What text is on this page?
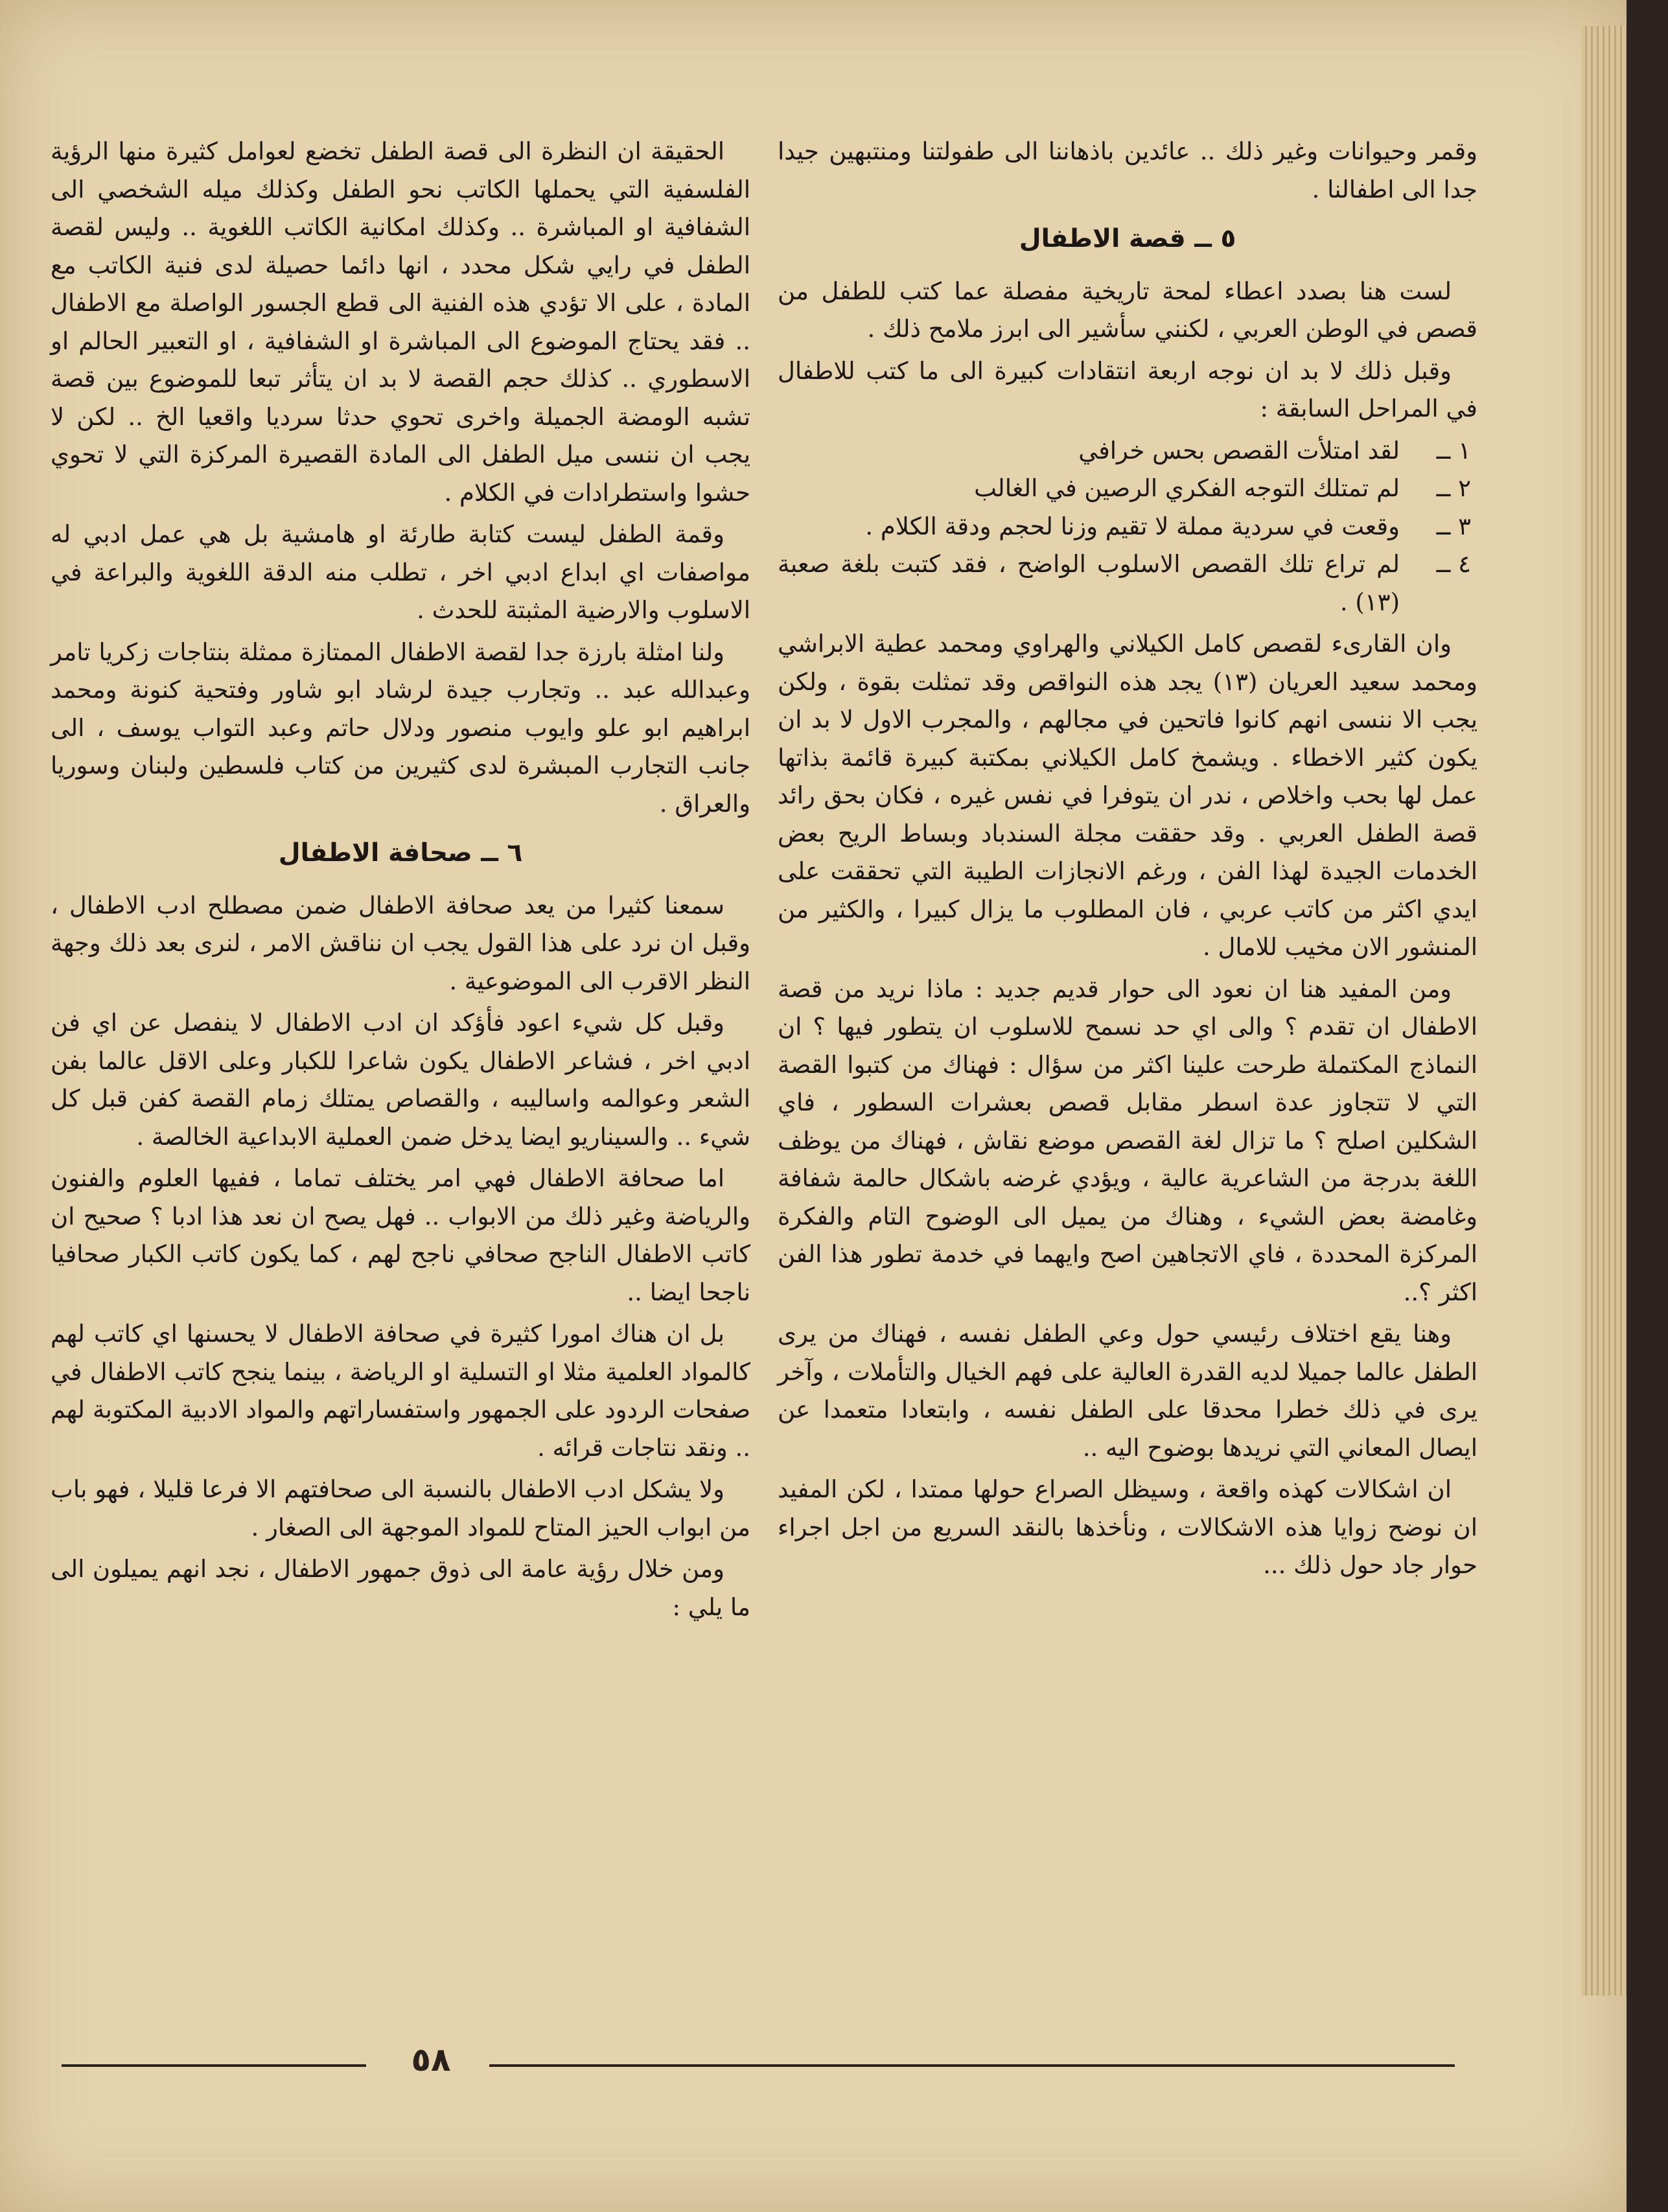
وقمر وحيوانات وغير ذلك .. عائدين باذهاننا الى طفولتنا ومنتبهين جيدا جدا الى اطفالنا .

٥ ــ قصة الاطفال

لست هنا بصدد اعطاء لمحة تاريخية مفصلة عما كتب للطفل من قصص في الوطن العربي ، لكنني سأشير الى ابرز ملامح ذلك .

وقبل ذلك لا بد ان نوجه اربعة انتقادات كبيرة الى ما كتب للاطفال في المراحل السابقة :

١ ــ
لقد امتلأت القصص بحس خرافي
٢ ــ
لم تمتلك التوجه الفكري الرصين في الغالب
٣ ــ
وقعت في سردية مملة لا تقيم وزنا لحجم ودقة الكلام .
٤ ــ
لم تراع تلك القصص الاسلوب الواضح ، فقد كتبت بلغة صعبة (١٣) .

وان القارىء لقصص كامل الكيلاني والهراوي ومحمد عطية الابراشي ومحمد سعيد العريان (١٣) يجد هذه النواقص وقد تمثلت بقوة ، ولكن يجب الا ننسى انهم كانوا فاتحين في مجالهم ، والمجرب الاول لا بد ان يكون كثير الاخطاء . ويشمخ كامل الكيلاني بمكتبة كبيرة قائمة بذاتها عمل لها بحب واخلاص ، ندر ان يتوفرا في نفس غيره ، فكان بحق رائد قصة الطفل العربي . وقد حققت مجلة السندباد وبساط الريح بعض الخدمات الجيدة لهذا الفن ، ورغم الانجازات الطيبة التي تحققت على ايدي اكثر من كاتب عربي ، فان المطلوب ما يزال كبيرا ، والكثير من المنشور الان مخيب للامال .

ومن المفيد هنا ان نعود الى حوار قديم جديد : ماذا نريد من قصة الاطفال ان تقدم ؟ والى اي حد نسمح للاسلوب ان يتطور فيها ؟ ان النماذج المكتملة طرحت علينا اكثر من سؤال : فهناك من كتبوا القصة التي لا تتجاوز عدة اسطر مقابل قصص بعشرات السطور ، فاي الشكلين اصلح ؟ ما تزال لغة القصص موضع نقاش ، فهناك من يوظف اللغة بدرجة من الشاعرية عالية ، ويؤدي غرضه باشكال حالمة شفافة وغامضة بعض الشيء ، وهناك من يميل الى الوضوح التام والفكرة المركزة المحددة ، فاي الاتجاهين اصح وايهما في خدمة تطور هذا الفن اكثر ؟..

وهنا يقع اختلاف رئيسي حول وعي الطفل نفسه ، فهناك من يرى الطفل عالما جميلا لديه القدرة العالية على فهم الخيال والتأملات ، وآخر يرى في ذلك خطرا محدقا على الطفل نفسه ، وابتعادا متعمدا عن ايصال المعاني التي نريدها بوضوح اليه ..

ان اشكالات كهذه واقعة ، وسيظل الصراع حولها ممتدا ، لكن المفيد ان نوضح زوايا هذه الاشكالات ، ونأخذها بالنقد السريع من اجل اجراء حوار جاد حول ذلك ...

الحقيقة ان النظرة الى قصة الطفل تخضع لعوامل كثيرة منها الرؤية الفلسفية التي يحملها الكاتب نحو الطفل وكذلك ميله الشخصي الى الشفافية او المباشرة .. وكذلك امكانية الكاتب اللغوية .. وليس لقصة الطفل في رايي شكل محدد ، انها دائما حصيلة لدى فنية الكاتب مع المادة ، على الا تؤدي هذه الفنية الى قطع الجسور الواصلة مع الاطفال .. فقد يحتاج الموضوع الى المباشرة او الشفافية ، او التعبير الحالم او الاسطوري .. كذلك حجم القصة لا بد ان يتأثر تبعا للموضوع بين قصة تشبه الومضة الجميلة واخرى تحوي حدثا سرديا واقعيا الخ .. لكن لا يجب ان ننسى ميل الطفل الى المادة القصيرة المركزة التي لا تحوي حشوا واستطرادات في الكلام .

وقمة الطفل ليست كتابة طارئة او هامشية بل هي عمل ادبي له مواصفات اي ابداع ادبي اخر ، تطلب منه الدقة اللغوية والبراعة في الاسلوب والارضية المثبتة للحدث .

ولنا امثلة بارزة جدا لقصة الاطفال الممتازة ممثلة بنتاجات زكريا تامر وعبدالله عبد .. وتجارب جيدة لرشاد ابو شاور وفتحية كنونة ومحمد ابراهيم ابو علو وايوب منصور ودلال حاتم وعبد التواب يوسف ، الى جانب التجارب المبشرة لدى كثيرين من كتاب فلسطين ولبنان وسوريا والعراق .

٦ ــ صحافة الاطفال

سمعنا كثيرا من يعد صحافة الاطفال ضمن مصطلح ادب الاطفال ، وقبل ان نرد على هذا القول يجب ان نناقش الامر ، لنرى بعد ذلك وجهة النظر الاقرب الى الموضوعية .

وقبل كل شيء اعود فأؤكد ان ادب الاطفال لا ينفصل عن اي فن ادبي اخر ، فشاعر الاطفال يكون شاعرا للكبار وعلى الاقل عالما بفن الشعر وعوالمه واساليبه ، والقصاص يمتلك زمام القصة كفن قبل كل شيء .. والسيناريو ايضا يدخل ضمن العملية الابداعية الخالصة .

اما صحافة الاطفال فهي امر يختلف تماما ، ففيها العلوم والفنون والرياضة وغير ذلك من الابواب .. فهل يصح ان نعد هذا ادبا ؟ صحيح ان كاتب الاطفال الناجح صحافي ناجح لهم ، كما يكون كاتب الكبار صحافيا ناجحا ايضا ..

بل ان هناك امورا كثيرة في صحافة الاطفال لا يحسنها اي كاتب لهم كالمواد العلمية مثلا او التسلية او الرياضة ، بينما ينجح كاتب الاطفال في صفحات الردود على الجمهور واستفساراتهم والمواد الادبية المكتوبة لهم .. ونقد نتاجات قرائه .

ولا يشكل ادب الاطفال بالنسبة الى صحافتهم الا فرعا قليلا ، فهو باب من ابواب الحيز المتاح للمواد الموجهة الى الصغار .

ومن خلال رؤية عامة الى ذوق جمهور الاطفال ، نجد انهم يميلون الى ما يلي :

٥٨
